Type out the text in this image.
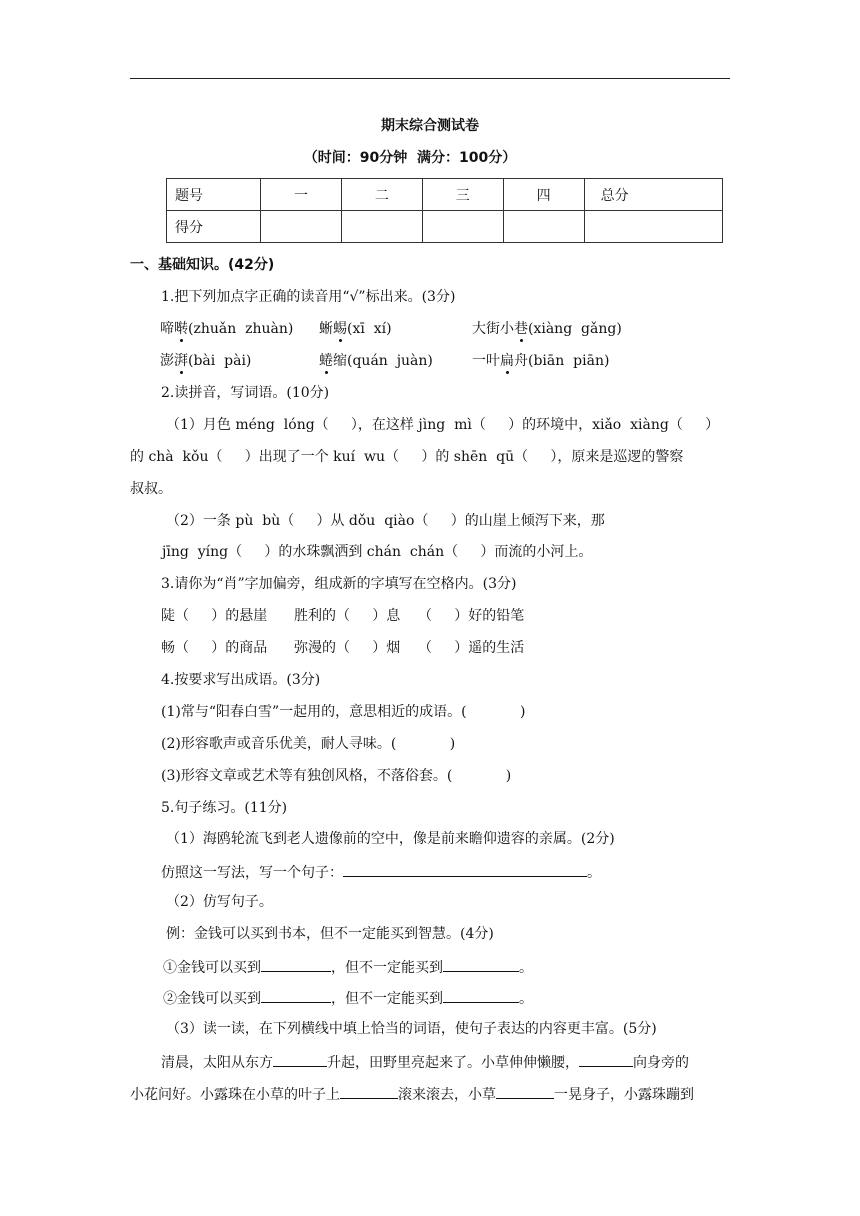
期末综合测试卷
（时间：90分钟  满分：100分）
题号	一	二	三	四	总分
得分					
一、基础知识。(42分)
1.把下列加点字正确的读音用“√”标出来。(3分)
啼啭(zhuǎn  zhuàn) 蜥蜴(xī  xí)	大街小巷(xiàng  gǎng)
澎湃(bài  pài)	蜷缩(quán  juàn)	一叶扁舟(biān  piān)
2.读拼音，写词语。(10分)
（1）月色 méng  lóng（     ），在这样 jìng  mì（     ）的环境中，xiǎo  xiàng（     ）
的 chà  kǒu（     ）出现了一个 kuí  wu（     ）的 shēn  qū（     ），原来是巡逻的警察
叔叔。
（2）一条 pù  bù（     ）从 dǒu  qiào（     ）的山崖上倾泻下来，那
jīng  yíng（     ）的水珠飘洒到 chán  chán（     ）而流的小河上。
3.请你为“肖”字加偏旁，组成新的字填写在空格内。(3分)
陡（     ）的悬崖      胜利的（     ）息    （     ）好的铅笔
畅（     ）的商品      弥漫的（     ）烟    （     ）遥的生活
4.按要求写出成语。(3分)
(1)常与“阳春白雪”一起用的，意思相近的成语。(            )
(2)形容歌声或音乐优美，耐人寻味。(            )
(3)形容文章或艺术等有独创风格，不落俗套。(            )
5.句子练习。(11分)
（1）海鸥轮流飞到老人遗像前的空中，像是前来瞻仰遗容的亲属。(2分)
仿照这一写法，写一个句子：	。
（2）仿写句子。
例：金钱可以买到书本，但不一定能买到智慧。(4分)
①金钱可以买到	，但不一定能买到	。
②金钱可以买到	，但不一定能买到	。
（3）读一读，在下列横线中填上恰当的词语，使句子表达的内容更丰富。(5分)
清晨，太阳从东方	升起，田野里亮起来了。小草伸伸懒腰，	向身旁的
小花问好。小露珠在小草的叶子上	滚来滚去，小草	一晃身子，小露珠蹦到
